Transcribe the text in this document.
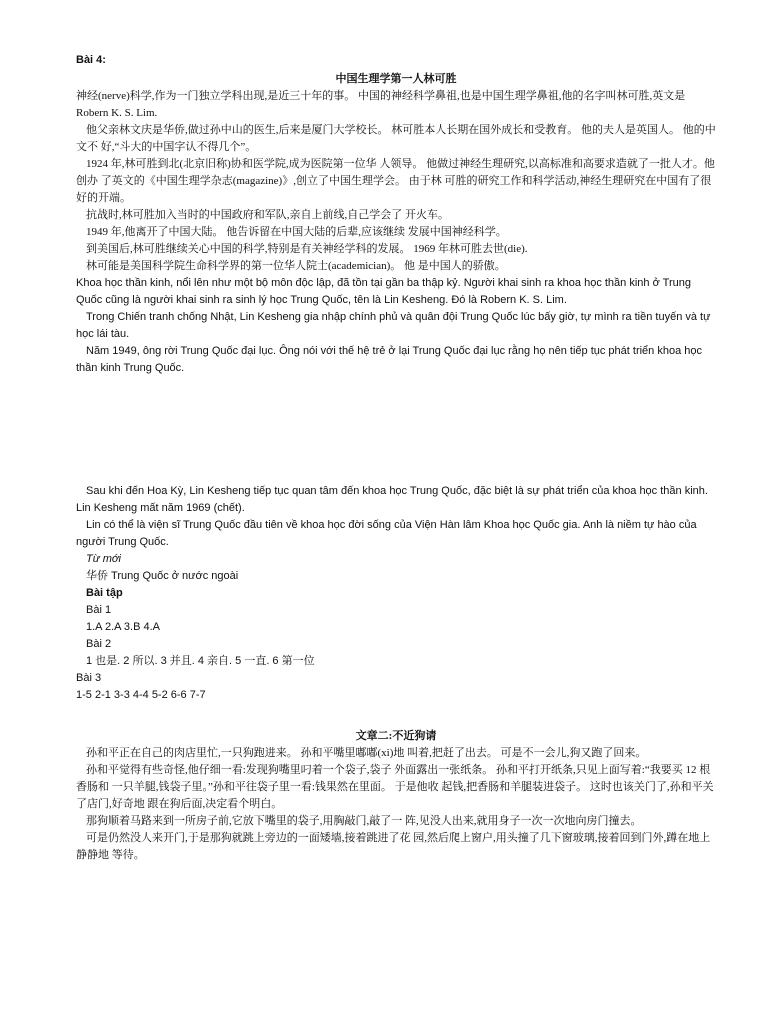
Bài 4:
中国生理学第一人林可胜

神经(nerve)科学,作为一门独立学科出现,是近三十年的事。 中国的神经科学鼻祖,也是中国生理学鼻祖,他的名字叫林可胜,英文是 Robern K. S. Lim.

他父亲林文庆是华侨,做过孙中山的医生,后来是厦门大学校长。 林可胜本人长期在国外成长和受教育。 他的夫人是英国人。 他的中文不 好,“斗大的中国字认不得几个”。

1924 年,林可胜到北(北京旧称)协和医学院,成为医院第一位华 人领导。 他做过神经生理研究,以高标准和高要求造就了一批人才。他创办 了英文的《中国生理学杂志(magazine)》,创立了中国生理学会。 由于林 可胜的研究工作和科学活动,神经生理研究在中国有了很好的开端。

抗战时,林可胜加入当时的中国政府和军队,亲自上前线,自己学会了 开火车。

1949 年,他离开了中国大陆。 他告诉留在中国大陆的后辈,应该继续 发展中国神经科学。

到美国后,林可胜继续关心中国的科学,特别是有关神经学科的发展。 1969 年林可胜去世(die).

林可能是美国科学院生命科学界的第一位华人院士(academician)。 他 是中国人的骄傲。

Khoa học thần kinh, nổi lên như một bộ môn độc lập, đã tồn tại gần ba thập kỷ. Người khai sinh ra khoa học thần kinh ở Trung Quốc cũng là người khai sinh ra sinh lý học Trung Quốc, tên là Lin Kesheng. Đó là Robern K. S. Lim.

Trong Chiến tranh chống Nhật, Lin Kesheng gia nhập chính phủ và quân đội Trung Quốc lúc bấy giờ, tự mình ra tiền tuyến và tự học lái tàu.

Năm 1949, ông rời Trung Quốc đại lục. Ông nói với thế hệ trẻ ở lại Trung Quốc đại lục rằng họ nên tiếp tục phát triển khoa học thần kinh Trung Quốc.

Sau khi đến Hoa Kỳ, Lin Kesheng tiếp tục quan tâm đến khoa học Trung Quốc, đặc biệt là sự phát triển của khoa học thần kinh. Lin Kesheng mất năm 1969 (chết).

Lin có thể là viện sĩ Trung Quốc đầu tiên về khoa học đời sống của Viện Hàn lâm Khoa học Quốc gia. Anh là niềm tự hào của người Trung Quốc.

Từ mới
华侨 Trung Quốc ở nước ngoài
Bài tập
Bài 1
1.A 2.A 3.B 4.A
Bài 2
1 也是. 2 所以. 3 并且. 4 亲自. 5 一直. 6 第一位
Bài 3
1-5 2-1 3-3 4-4 5-2 6-6 7-7
文章二:不近狗请

孙和平正在自己的肉店里忙,一只狗跑进来。 孙和平嘴里嘟嘟(xi)地 叫着,把赶了出去。 可是不一会儿,狗又跑了回来。

孙和平觉得有些奇怪,他仔细一看:发现狗嘴里叼着一个袋子,袋子 外面露出一张纸条。 孙和平打开纸条,只见上面写着:“我要买 12 根香肠和 一只羊腿,钱袋子里。”孙和平往袋子里一看:钱果然在里面。 于是他收 起钱,把香肠和羊腿装进袋子。 这时也该关门了,孙和平关了店门,好奇地 跟在狗后面,决定看个明白。

那狗顺着马路来到一所房子前,它放下嘴里的袋子,用胸敲门,敲了一 阵,见没人出来,就用身子一次一次地向房门撞去。

可是仍然没人来开门,于是那狗就跳上旁边的一面矮墙,接着跳进了花 园,然后爬上窗户,用头撞了几下窗玻璃,接着回到门外,蹲在地上静静地 等待。
